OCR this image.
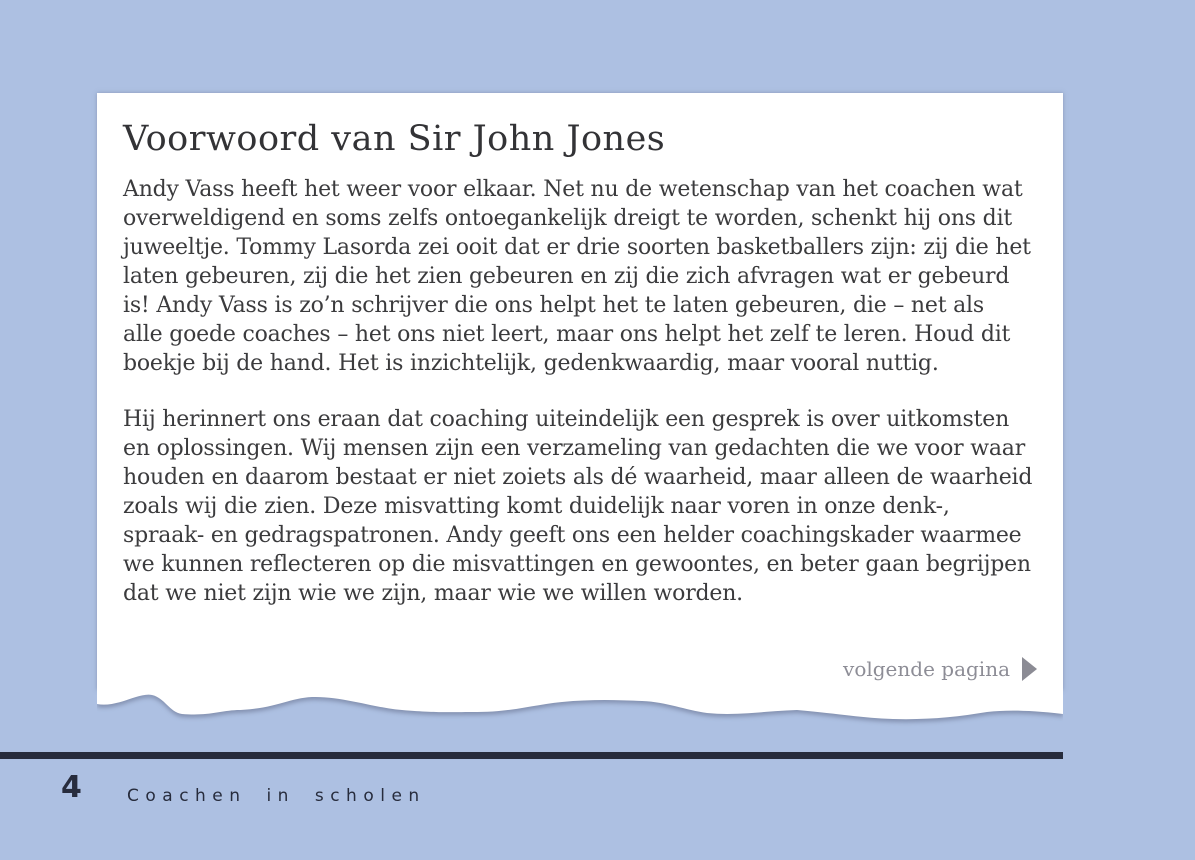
Voorwoord van Sir John Jones
Andy Vass heeft het weer voor elkaar. Net nu de wetenschap van het coachen wat
overweldigend en soms zelfs ontoegankelijk dreigt te worden, schenkt hij ons dit
juweeltje. Tommy Lasorda zei ooit dat er drie soorten basketballers zijn: zij die het
laten gebeuren, zij die het zien gebeuren en zij die zich afvragen wat er gebeurd
is! Andy Vass is zo’n schrijver die ons helpt het te laten gebeuren, die – net als
alle goede coaches – het ons niet leert, maar ons helpt het zelf te leren. Houd dit
boekje bij de hand. Het is inzichtelijk, gedenkwaardig, maar vooral nuttig.
Hij herinnert ons eraan dat coaching uiteindelijk een gesprek is over uitkomsten
en oplossingen. Wij mensen zijn een verzameling van gedachten die we voor waar
houden en daarom bestaat er niet zoiets als dé waarheid, maar alleen de waarheid
zoals wij die zien. Deze misvatting komt duidelijk naar voren in onze denk-,
spraak- en gedragspatronen. Andy geeft ons een helder coachingskader waarmee
we kunnen reflecteren op die misvattingen en gewoontes, en beter gaan begrijpen
dat we niet zijn wie we zijn, maar wie we willen worden.
volgende pagina
4	Coachen in scholen
